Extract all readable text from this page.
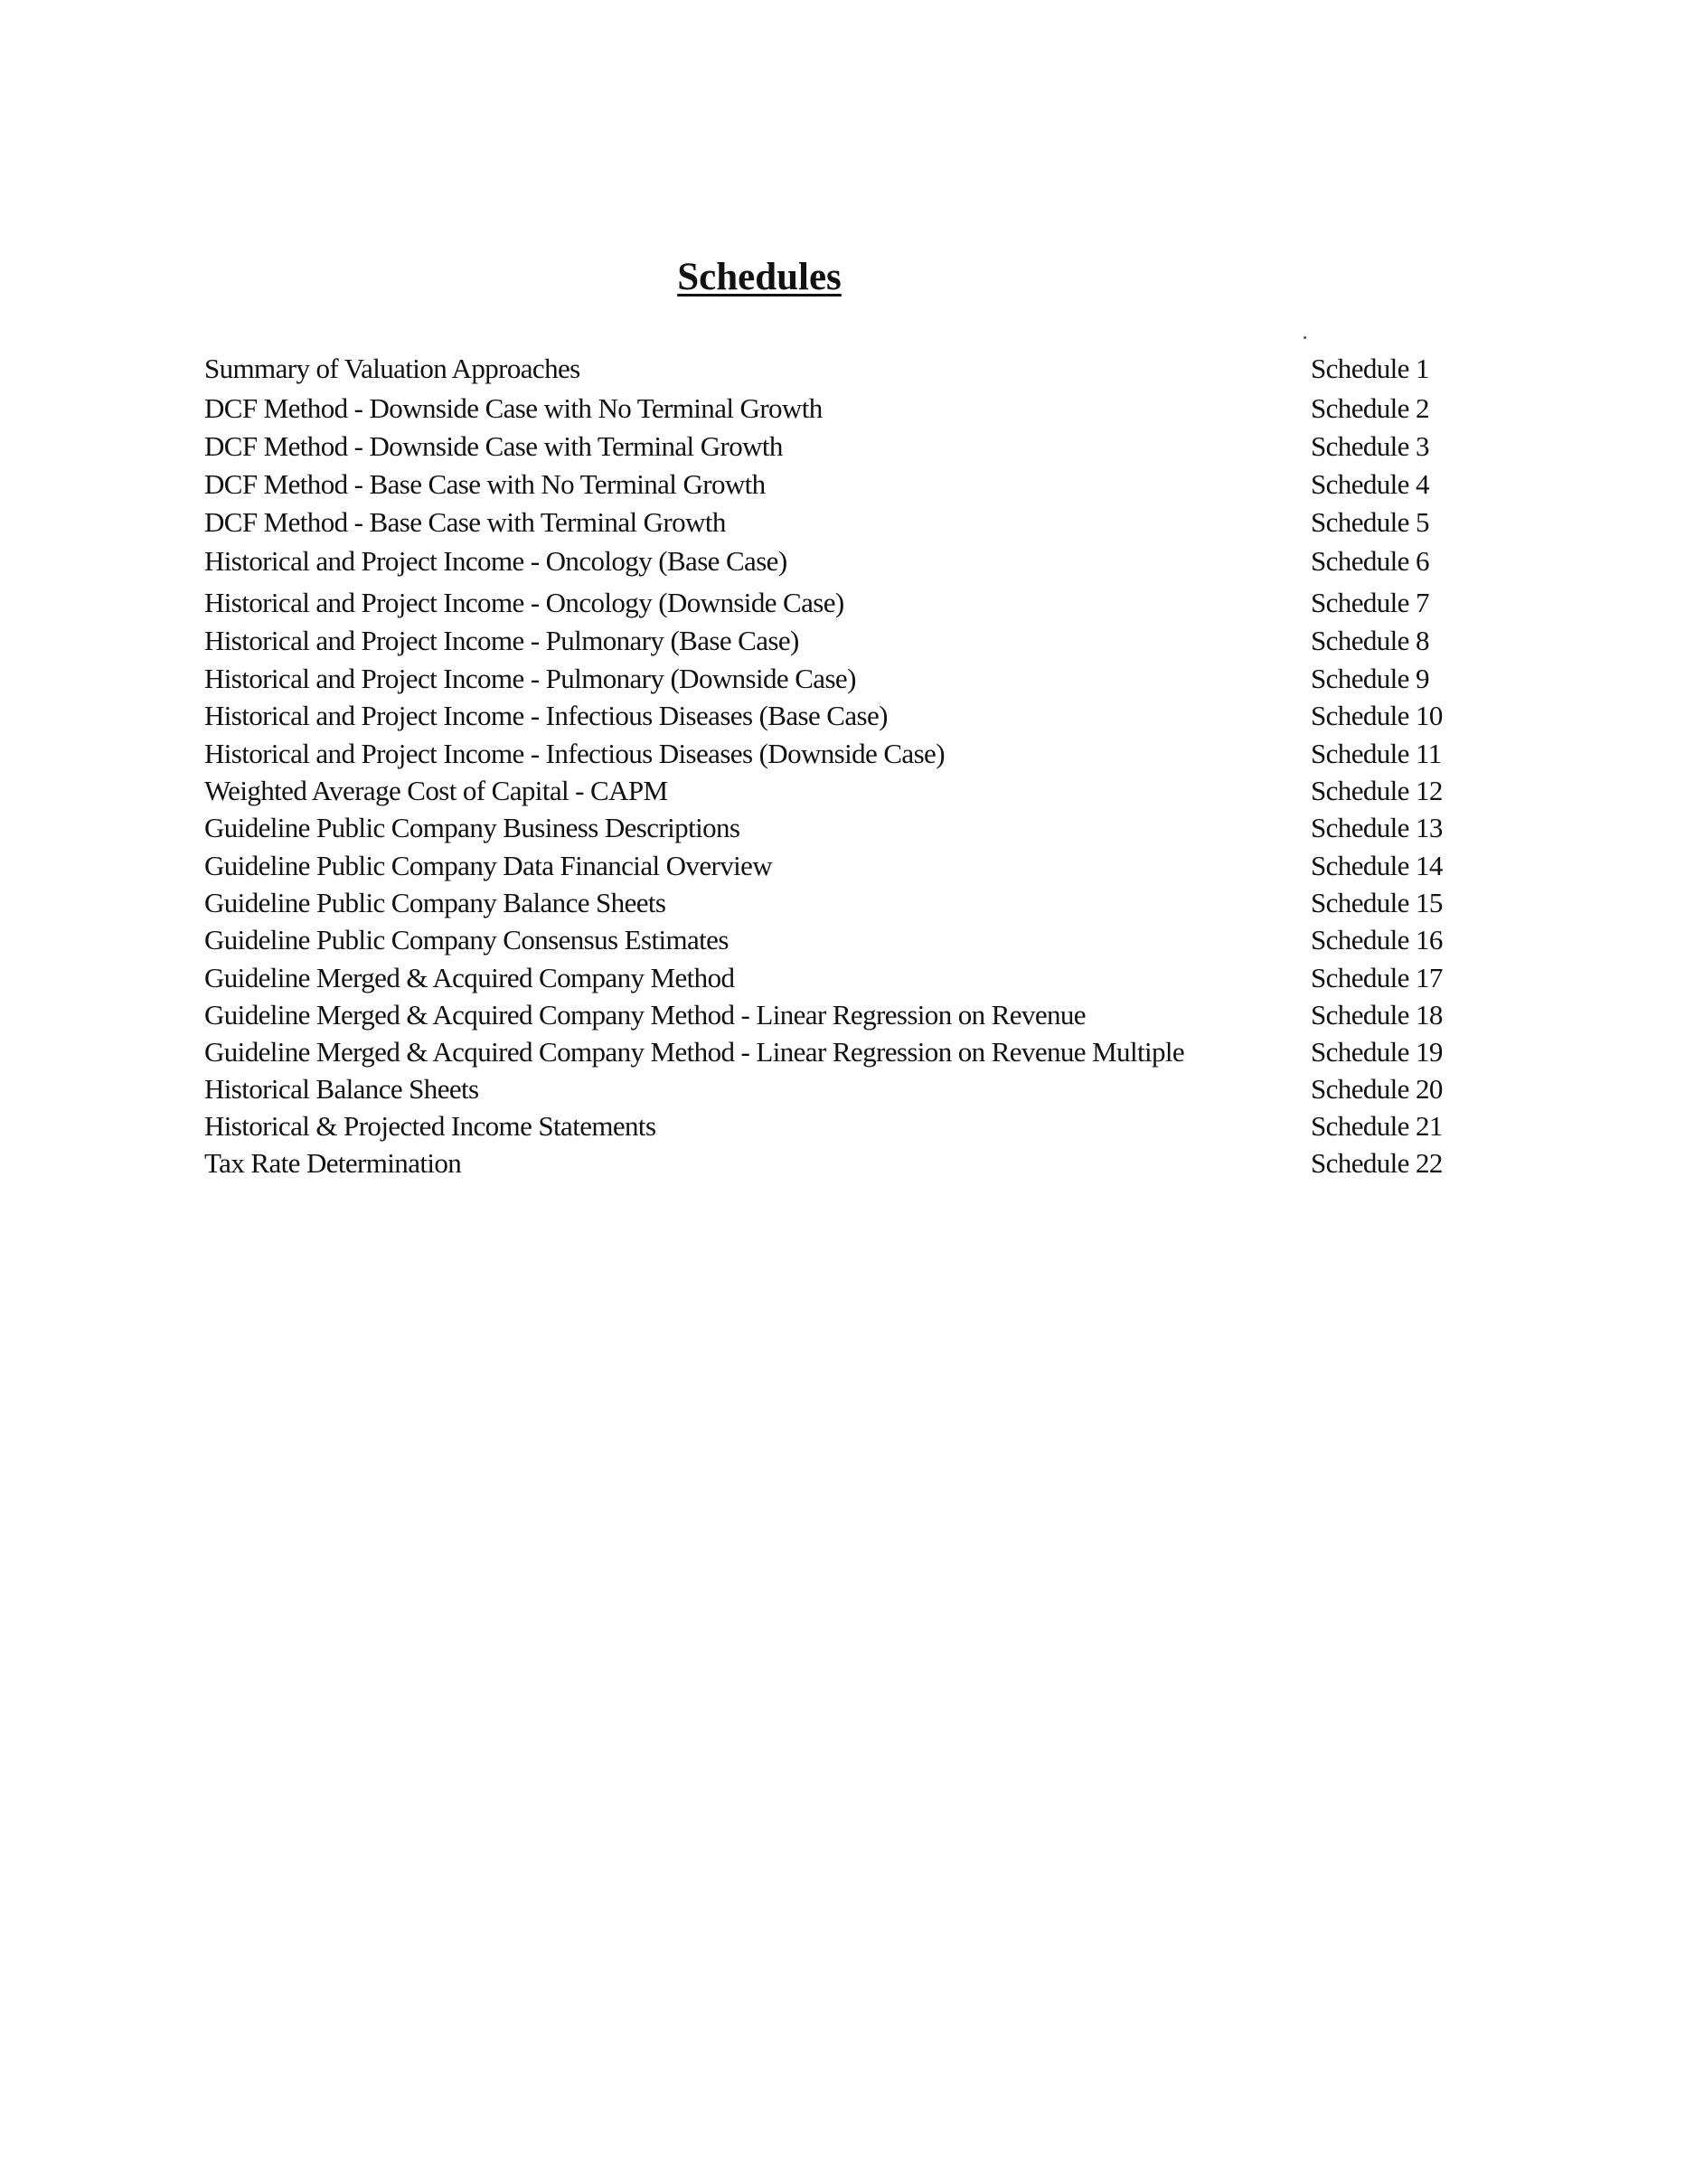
Schedules
Summary of Valuation Approaches	Schedule 1
DCF Method - Downside Case with No Terminal Growth	Schedule 2
DCF Method - Downside Case with Terminal Growth	Schedule 3
DCF Method - Base Case with No Terminal Growth	Schedule 4
DCF Method - Base Case with Terminal Growth	Schedule 5
Historical and Project Income - Oncology (Base Case)	Schedule 6
Historical and Project Income - Oncology (Downside Case)	Schedule 7
Historical and Project Income - Pulmonary (Base Case)	Schedule 8
Historical and Project Income - Pulmonary (Downside Case)	Schedule 9
Historical and Project Income - Infectious Diseases (Base Case)	Schedule 10
Historical and Project Income - Infectious Diseases (Downside Case)	Schedule 11
Weighted Average Cost of Capital - CAPM	Schedule 12
Guideline Public Company Business Descriptions	Schedule 13
Guideline Public Company Data Financial Overview	Schedule 14
Guideline Public Company Balance Sheets	Schedule 15
Guideline Public Company Consensus Estimates	Schedule 16
Guideline Merged & Acquired Company Method	Schedule 17
Guideline Merged & Acquired Company Method - Linear Regression on Revenue	Schedule 18
Guideline Merged & Acquired Company Method - Linear Regression on Revenue Multiple	Schedule 19
Historical Balance Sheets	Schedule 20
Historical & Projected Income Statements	Schedule 21
Tax Rate Determination	Schedule 22
